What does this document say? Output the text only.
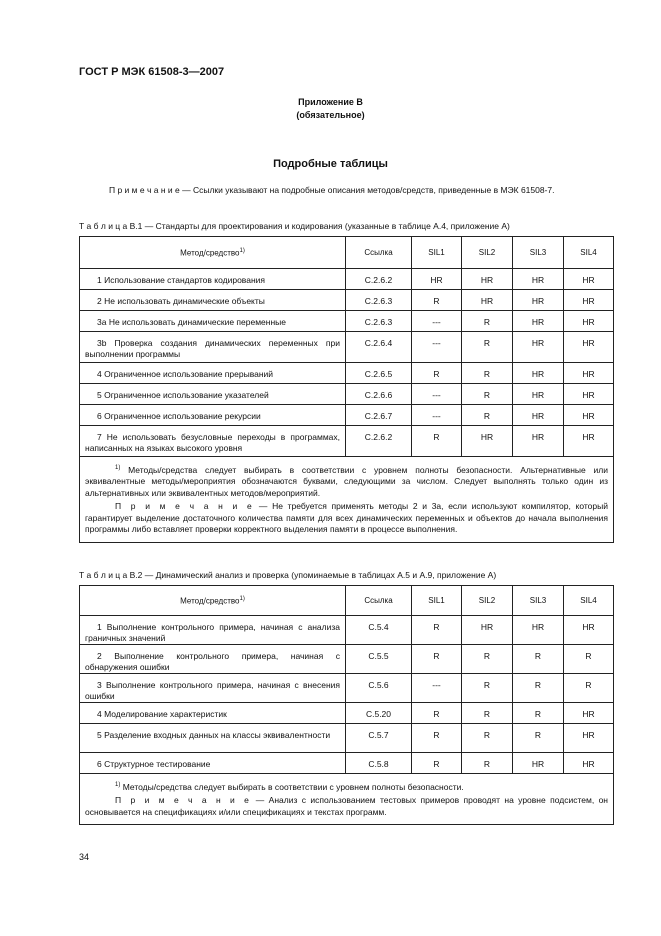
ГОСТ Р МЭК 61508-3—2007
Приложение В
(обязательное)
Подробные таблицы
П р и м е ч а н и е — Ссылки указывают на подробные описания методов/средств, приведенные в МЭК 61508-7.
Т а б л и ц а В.1 — Стандарты для проектирования и кодирования (указанные в таблице А.4, приложение А)
Метод/средство$^{1)}$	Ссылка	SIL1	SIL2	SIL3	SIL4

1 Использование стандартов кодирования	С.2.6.2	HR	HR	HR	HR

2 Не использовать динамические объекты	С.2.6.3	R	HR	HR	HR

3а Не использовать динамические переменные	С.2.6.3	---	R	HR	HR

3b Проверка создания динамических переменных при выполнении программы	С.2.6.4	---	R	HR	HR

4 Ограниченное использование прерываний	С.2.6.5	R	R	HR	HR

5 Ограниченное использование указателей	С.2.6.6	---	R	HR	HR

6 Ограниченное использование рекурсии	С.2.6.7	---	R	HR	HR

7 Не использовать безусловные переходы в программах, написанных на языках высокого уровня	С.2.6.2	R	HR	HR	HR

$^{1)}$ Методы/средства следует выбирать в соответствии с уровнем полноты безопасности. Альтернативные или эквивалентные методы/мероприятия обозначаются буквами, следующими за числом. Следует выполнять только один из альтернативных или эквивалентных методов/мероприятий.

П р и м е ч а н и е — Не требуется применять методы 2 и 3а, если используют компилятор, который гарантирует выделение достаточного количества памяти для всех динамических переменных и объектов до начала выполнения программы либо вставляет проверки корректного выделения памяти в процессе выполнения.					

Т а б л и ц а В.2 — Динамический анализ и проверка (упоминаемые в таблицах А.5 и А.9, приложение А)
Метод/средство$^{1)}$	Ссылка	SIL1	SIL2	SIL3	SIL4

1 Выполнение контрольного примера, начиная с анализа граничных значений	С.5.4	R	HR	HR	HR

2 Выполнение контрольного примера, начиная с обнаружения ошибки	С.5.5	R	R	R	R

3 Выполнение контрольного примера, начиная с внесения ошибки	С.5.6	---	R	R	R

4 Моделирование характеристик	С.5.20	R	R	R	HR

5 Разделение входных данных на классы эквивалентности	С.5.7	R	R	R	HR

6 Структурное тестирование	С.5.8	R	R	HR	HR

$^{1)}$ Методы/средства следует выбирать в соответствии с уровнем полноты безопасности.

П р и м е ч а н и е — Анализ с использованием тестовых примеров проводят на уровне подсистем, он основывается на спецификациях и/или спецификациях и текстах программ.					

34
